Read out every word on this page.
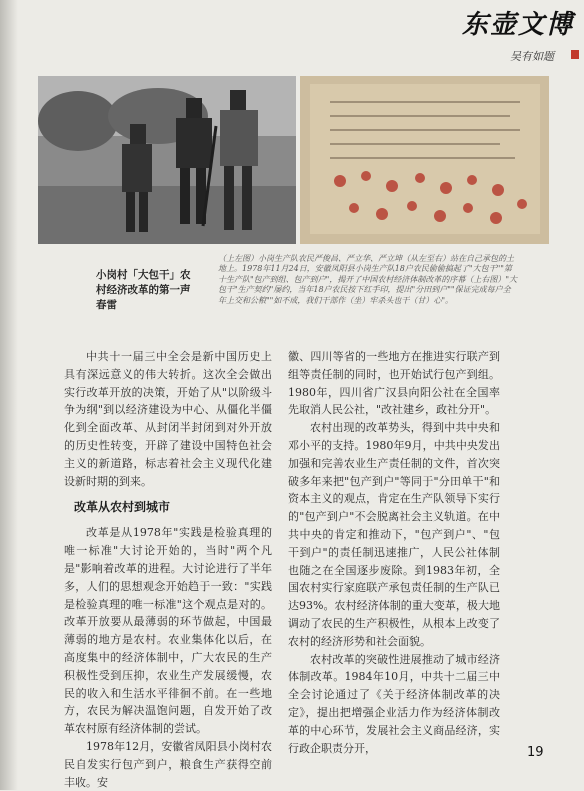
东壶文博
吴有如题
小岗村「大包干」农村经济改革的第一声春雷
（上左图）小岗生产队农民严俊昌、严立华、严立坤（从左至右）站在自己承包的土地上。1978年11月24日，安徽凤阳县小岗生产队18户农民偷偷搞起了"大包干""第十生产队"包产到组、包产到户"，揭开了中国农村经济体制改革的序幕（上右图）"大包干"生产契约"屡约，当年18户农民按下红手印，提出"分田到户""保证完成每户全年上交和公粮""如不成，我们干部作（坐）牢杀头也干（甘）心"。

中共十一届三中全会是新中国历史上具有深远意义的伟大转折。这次全会做出实行改革开放的决策，开始了从"以阶级斗争为纲"到以经济建设为中心、从僵化半僵化到全面改革、从封闭半封闭到对外开放的历史性转变，开辟了建设中国特色社会主义的新道路，标志着社会主义现代化建设新时期的到来。

改革从农村到城市

改革是从1978年"实践是检验真理的唯一标准"大讨论开始的，当时"两个凡是"影响着改革的进程。大讨论进行了半年多，人们的思想观念开始趋于一致："实践是检验真理的唯一标准"这个观点是对的。改革开放要从最薄弱的环节做起，中国最薄弱的地方是农村。农业集体化以后，在高度集中的经济体制中，广大农民的生产积极性受到压抑，农业生产发展缓慢，农民的收入和生活水平徘徊不前。在一些地方，农民为解决温饱问题，自发开始了改革农村原有经济体制的尝试。

1978年12月，安徽省凤阳县小岗村农民自发实行包产到户，粮食生产获得空前丰收。安

徽、四川等省的一些地方在推进实行联产到组等责任制的同时，也开始试行包产到组。1980年，四川省广汉县向阳公社在全国率先取消人民公社，"改社建乡，政社分开"。

农村出现的改革势头，得到中共中央和邓小平的支持。1980年9月，中共中央发出加强和完善农业生产责任制的文件，首次突破多年来把"包产到户"等同于"分田单干"和资本主义的观点，肯定在生产队领导下实行的"包产到户"不会脱离社会主义轨道。在中共中央的肯定和推动下，"包产到户"、"包干到户"的责任制迅速推广，人民公社体制也随之在全国逐步废除。到1983年初，全国农村实行家庭联产承包责任制的生产队已达93%。农村经济体制的重大变革，极大地调动了农民的生产积极性，从根本上改变了农村的经济形势和社会面貌。

农村改革的突破性进展推动了城市经济体制改革。1984年10月，中共十二届三中全会讨论通过了《关于经济体制改革的决定》，提出把增强企业活力作为经济体制改革的中心环节，发展社会主义商品经济，实行政企职责分开，	19
